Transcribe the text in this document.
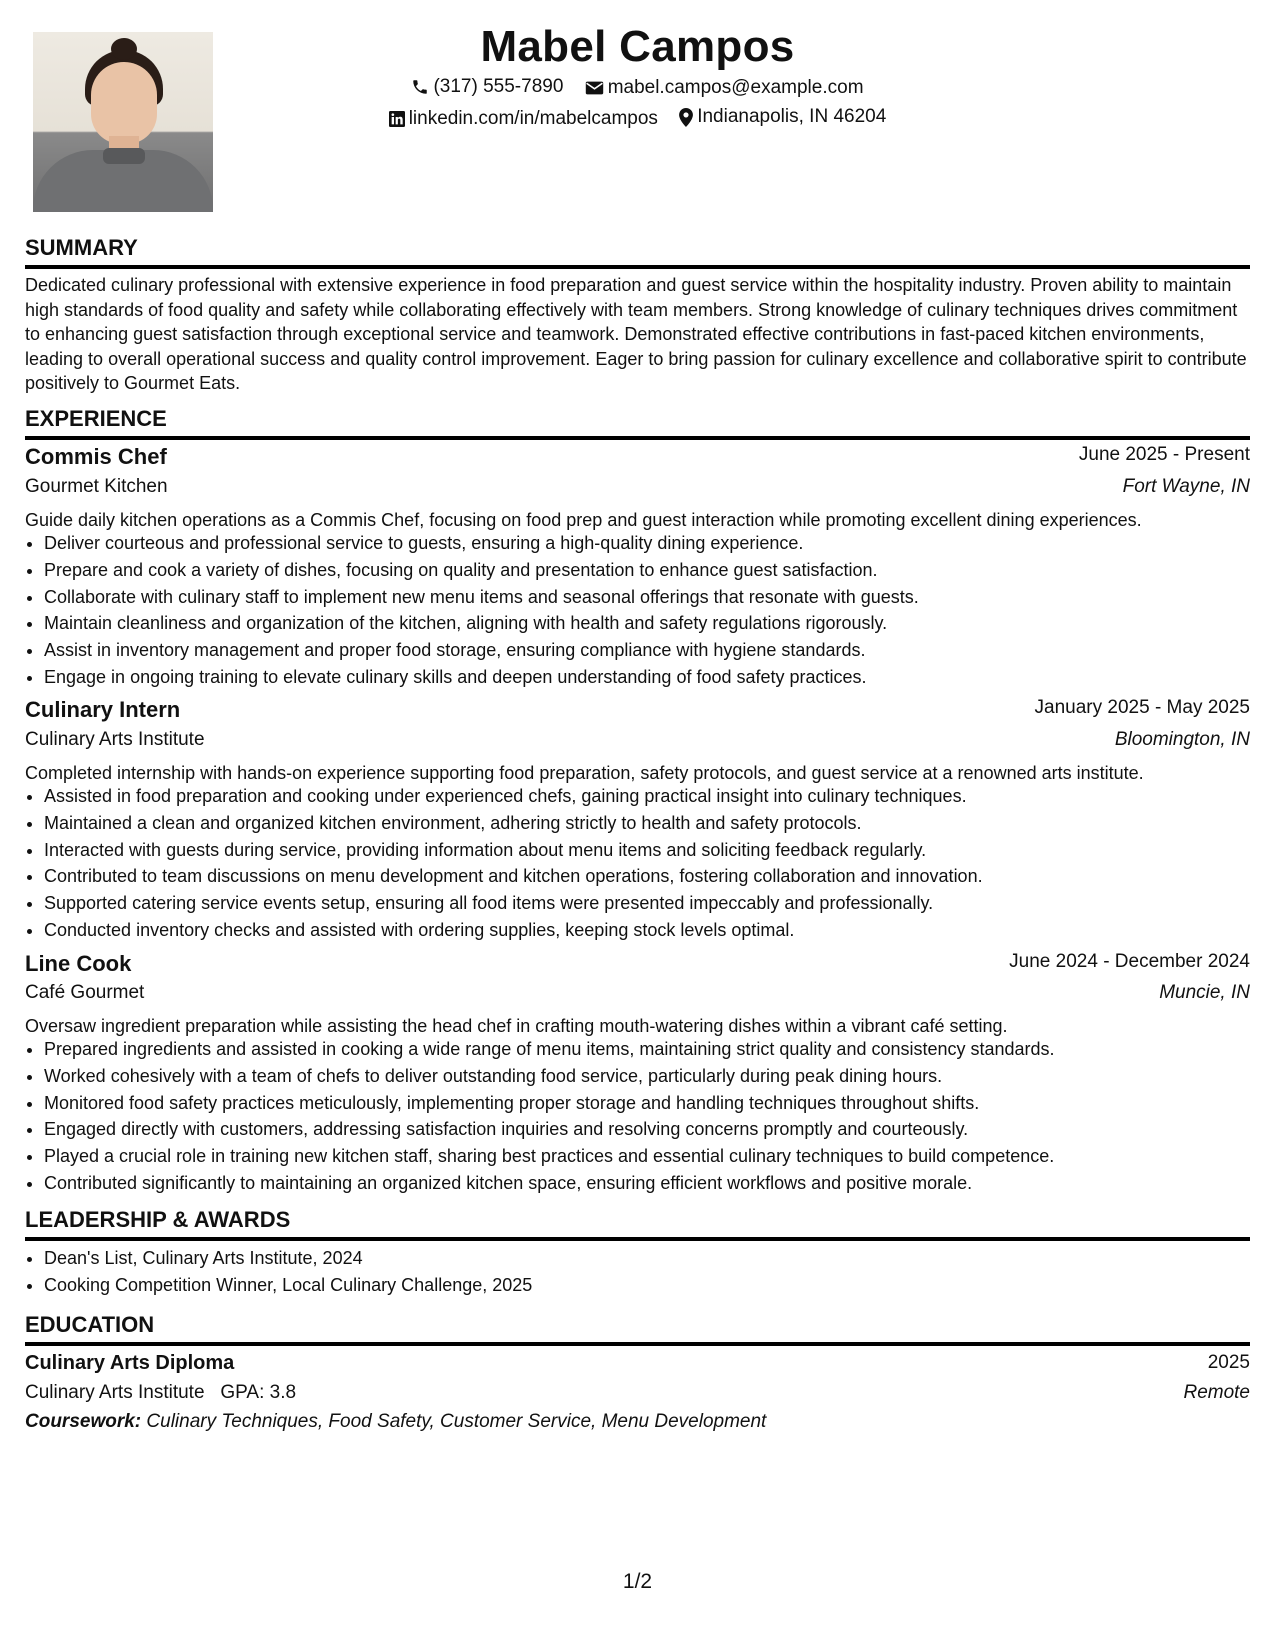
Mabel Campos
(317) 555-7890
mabel.campos@example.com
linkedin.com/in/mabelcampos
Indianapolis, IN 46204
SUMMARY
Dedicated culinary professional with extensive experience in food preparation and guest service within the hospitality industry. Proven ability to maintain high standards of food quality and safety while collaborating effectively with team members. Strong knowledge of culinary techniques drives commitment to enhancing guest satisfaction through exceptional service and teamwork. Demonstrated effective contributions in fast-paced kitchen environments, leading to overall operational success and quality control improvement. Eager to bring passion for culinary excellence and collaborative spirit to contribute positively to Gourmet Eats.
EXPERIENCE
Commis Chef	June 2025 - Present
Gourmet Kitchen	Fort Wayne, IN
Guide daily kitchen operations as a Commis Chef, focusing on food prep and guest interaction while promoting excellent dining experiences.
• Deliver courteous and professional service to guests, ensuring a high-quality dining experience.
• Prepare and cook a variety of dishes, focusing on quality and presentation to enhance guest satisfaction.
• Collaborate with culinary staff to implement new menu items and seasonal offerings that resonate with guests.
• Maintain cleanliness and organization of the kitchen, aligning with health and safety regulations rigorously.
• Assist in inventory management and proper food storage, ensuring compliance with hygiene standards.
• Engage in ongoing training to elevate culinary skills and deepen understanding of food safety practices.
Culinary Intern	January 2025 - May 2025
Culinary Arts Institute	Bloomington, IN
Completed internship with hands-on experience supporting food preparation, safety protocols, and guest service at a renowned arts institute.
• Assisted in food preparation and cooking under experienced chefs, gaining practical insight into culinary techniques.
• Maintained a clean and organized kitchen environment, adhering strictly to health and safety protocols.
• Interacted with guests during service, providing information about menu items and soliciting feedback regularly.
• Contributed to team discussions on menu development and kitchen operations, fostering collaboration and innovation.
• Supported catering service events setup, ensuring all food items were presented impeccably and professionally.
• Conducted inventory checks and assisted with ordering supplies, keeping stock levels optimal.
Line Cook	June 2024 - December 2024
Café Gourmet	Muncie, IN
Oversaw ingredient preparation while assisting the head chef in crafting mouth-watering dishes within a vibrant café setting.
• Prepared ingredients and assisted in cooking a wide range of menu items, maintaining strict quality and consistency standards.
• Worked cohesively with a team of chefs to deliver outstanding food service, particularly during peak dining hours.
• Monitored food safety practices meticulously, implementing proper storage and handling techniques throughout shifts.
• Engaged directly with customers, addressing satisfaction inquiries and resolving concerns promptly and courteously.
• Played a crucial role in training new kitchen staff, sharing best practices and essential culinary techniques to build competence.
• Contributed significantly to maintaining an organized kitchen space, ensuring efficient workflows and positive morale.
LEADERSHIP & AWARDS
• Dean's List, Culinary Arts Institute, 2024
• Cooking Competition Winner, Local Culinary Challenge, 2025
EDUCATION
Culinary Arts Diploma	2025
Culinary Arts Institute GPA: 3.8	Remote
Coursework: Culinary Techniques, Food Safety, Customer Service, Menu Development
1/2
